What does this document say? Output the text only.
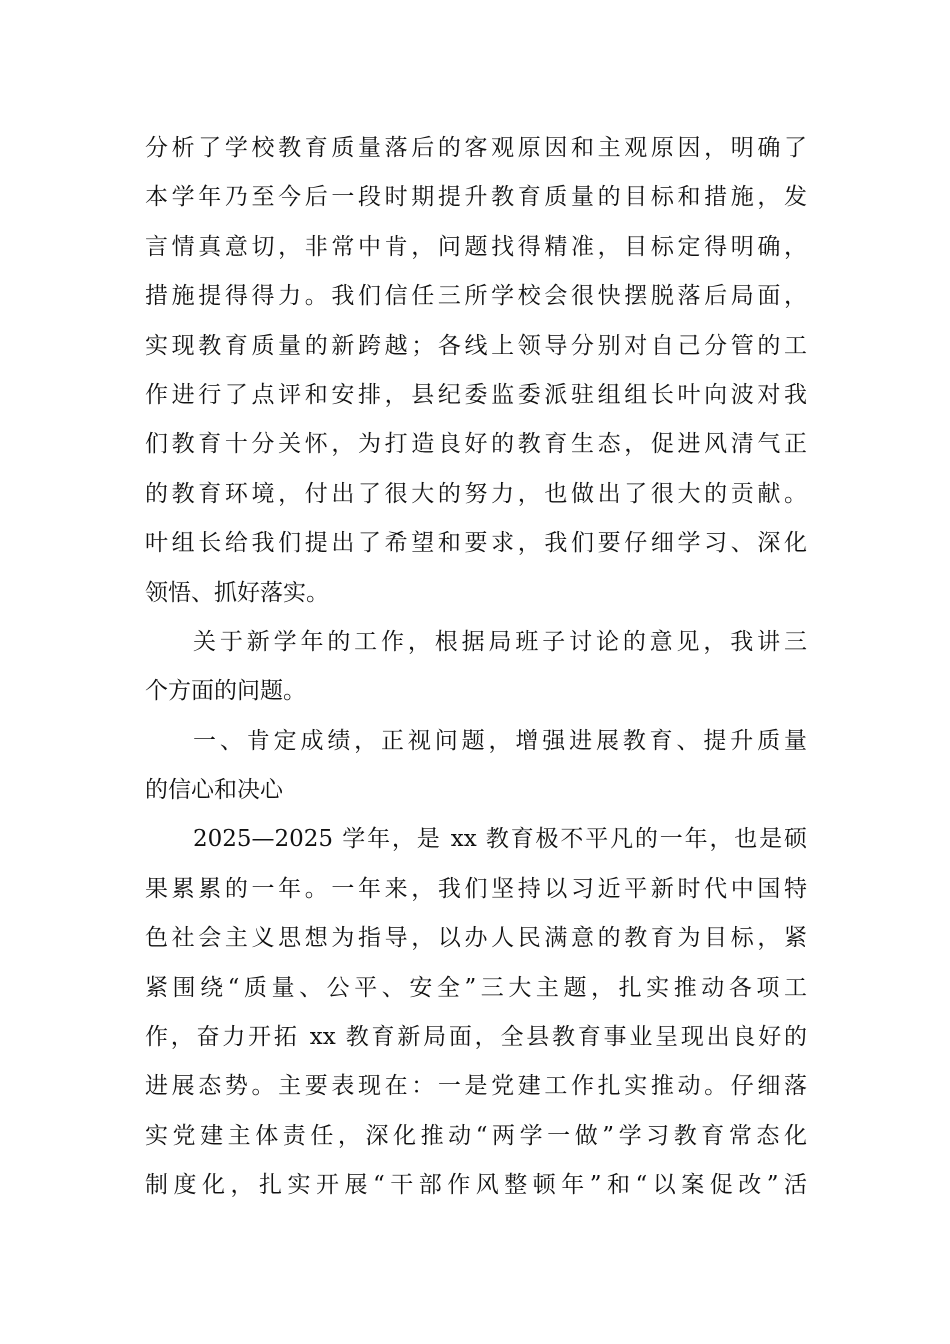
分析了学校教育质量落后的客观原因和主观原因，明确了
本学年乃至今后一段时期提升教育质量的目标和措施，发
言情真意切，非常中肯，问题找得精准，目标定得明确，
措施提得得力。我们信任三所学校会很快摆脱落后局面，
实现教育质量的新跨越；各线上领导分别对自己分管的工
作进行了点评和安排，县纪委监委派驻组组长叶向波对我
们教育十分关怀，为打造良好的教育生态，促进风清气正
的教育环境，付出了很大的努力，也做出了很大的贡献。
叶组长给我们提出了希望和要求，我们要仔细学习、深化
领悟、抓好落实。
关于新学年的工作，根据局班子讨论的意见，我讲三
个方面的问题。
一、肯定成绩，正视问题，增强进展教育、提升质量
的信心和决心
2025—2025 学年，是 xx 教育极不平凡的一年，也是硕
果累累的一年。一年来，我们坚持以习近平新时代中国特
色社会主义思想为指导，以办人民满意的教育为目标，紧
紧围绕“质量、公平、安全”三大主题，扎实推动各项工
作，奋力开拓 xx 教育新局面，全县教育事业呈现出良好的
进展态势。主要表现在：一是党建工作扎实推动。仔细落
实党建主体责任，深化推动“两学一做”学习教育常态化
制度化，扎实开展“干部作风整顿年”和“以案促改”活
